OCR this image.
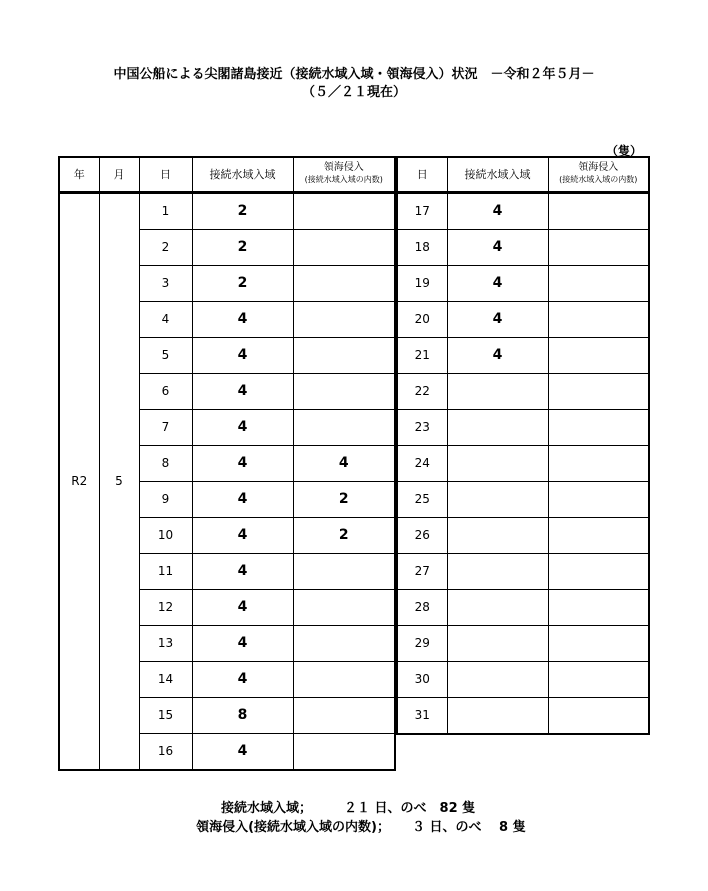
中国公船による尖閣諸島接近（接続水域入域・領海侵入）状況　－令和２年５月－
（５／２１現在）
（隻）
年	月	日	接続水域入域	領海侵入
(接続水域入域の内数)

R2	5	1	2	
		2	2	
		3	2	
		4	4	
		5	4	
		6	4	
		7	4	
		8	4	4
		9	4	2
		10	4	2
		11	4	
		12	4	
		13	4	
		14	4	
		15	8	
		16	4	
日	接続水域入域	領海侵入
(接続水域入域の内数)

17	4	
18	4	
19	4	
20	4	
21	4	
22		
23		
24		
25		
26		
27		
28		
29		
30		
31		
接続水域入域； ２１ 日、のべ　82 隻
領海侵入(接続水域入域の内数)； ３ 日、のべ　 8 隻
